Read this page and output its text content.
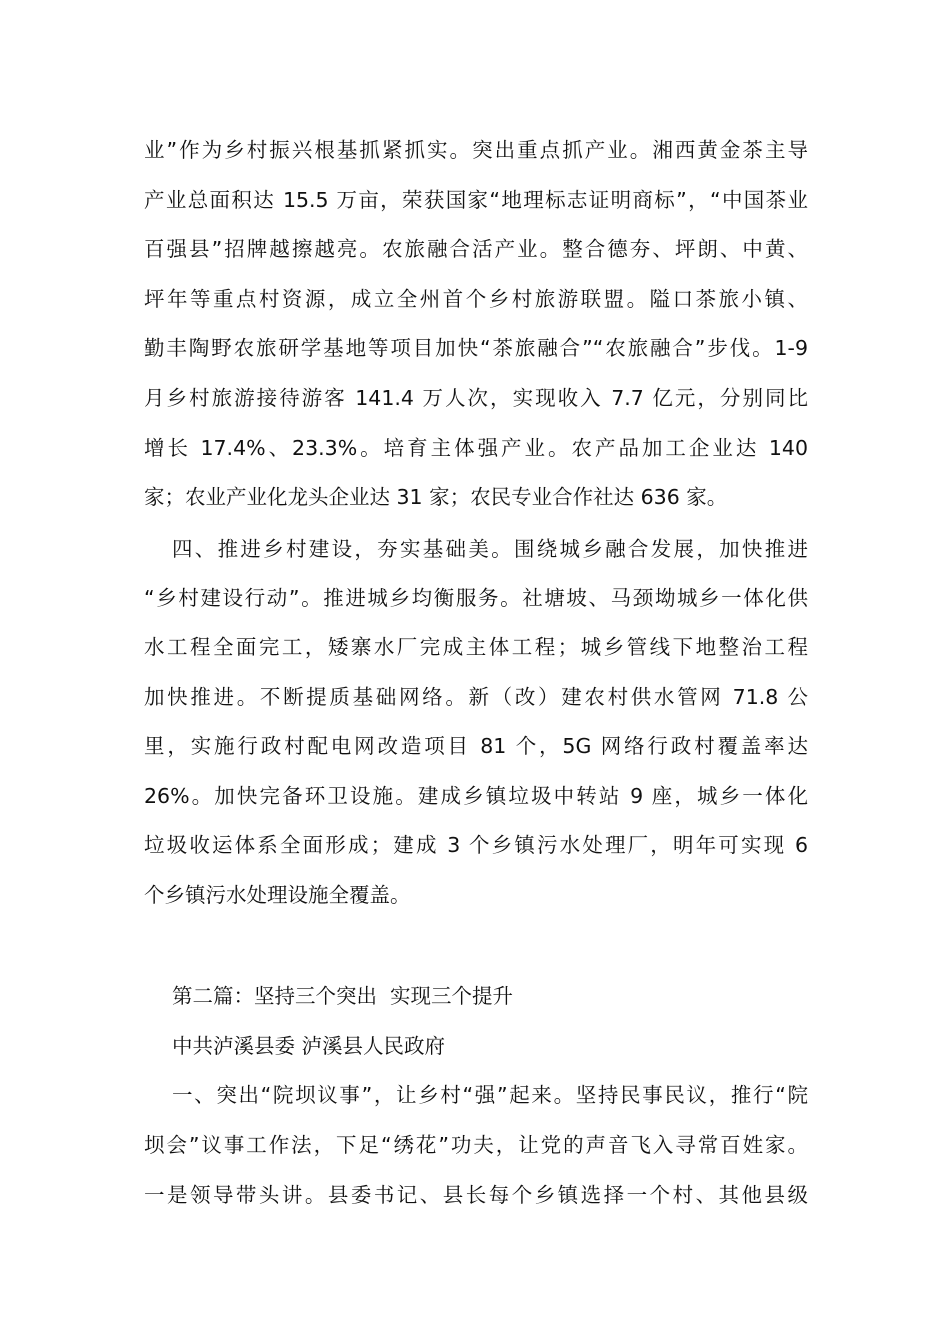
业”作为乡村振兴根基抓紧抓实。突出重点抓产业。湘西黄金茶主导
产业总面积达 15.5 万亩，荣获国家“地理标志证明商标”，“中国茶业
百强县”招牌越擦越亮。农旅融合活产业。整合德夯、坪朗、中黄、
坪年等重点村资源，成立全州首个乡村旅游联盟。隘口茶旅小镇、
勤丰陶野农旅研学基地等项目加快“茶旅融合”“农旅融合”步伐。1-9
月乡村旅游接待游客 141.4 万人次，实现收入 7.7 亿元，分别同比
增长 17.4%、23.3%。培育主体强产业。农产品加工企业达 140
家；农业产业化龙头企业达 31 家；农民专业合作社达 636 家。
四、推进乡村建设，夯实基础美。围绕城乡融合发展，加快推进
“乡村建设行动”。推进城乡均衡服务。社塘坡、马颈坳城乡一体化供
水工程全面完工，矮寨水厂完成主体工程；城乡管线下地整治工程
加快推进。不断提质基础网络。新（改）建农村供水管网 71.8 公
里，实施行政村配电网改造项目 81 个，5G 网络行政村覆盖率达
26%。加快完备环卫设施。建成乡镇垃圾中转站 9 座，城乡一体化
垃圾收运体系全面形成；建成 3 个乡镇污水处理厂，明年可实现 6
个乡镇污水处理设施全覆盖。
第二篇：坚持三个突出  实现三个提升
中共泸溪县委 泸溪县人民政府
一、突出“院坝议事”，让乡村“强”起来。坚持民事民议，推行“院
坝会”议事工作法，下足“绣花”功夫，让党的声音飞入寻常百姓家。
一是领导带头讲。县委书记、县长每个乡镇选择一个村、其他县级
